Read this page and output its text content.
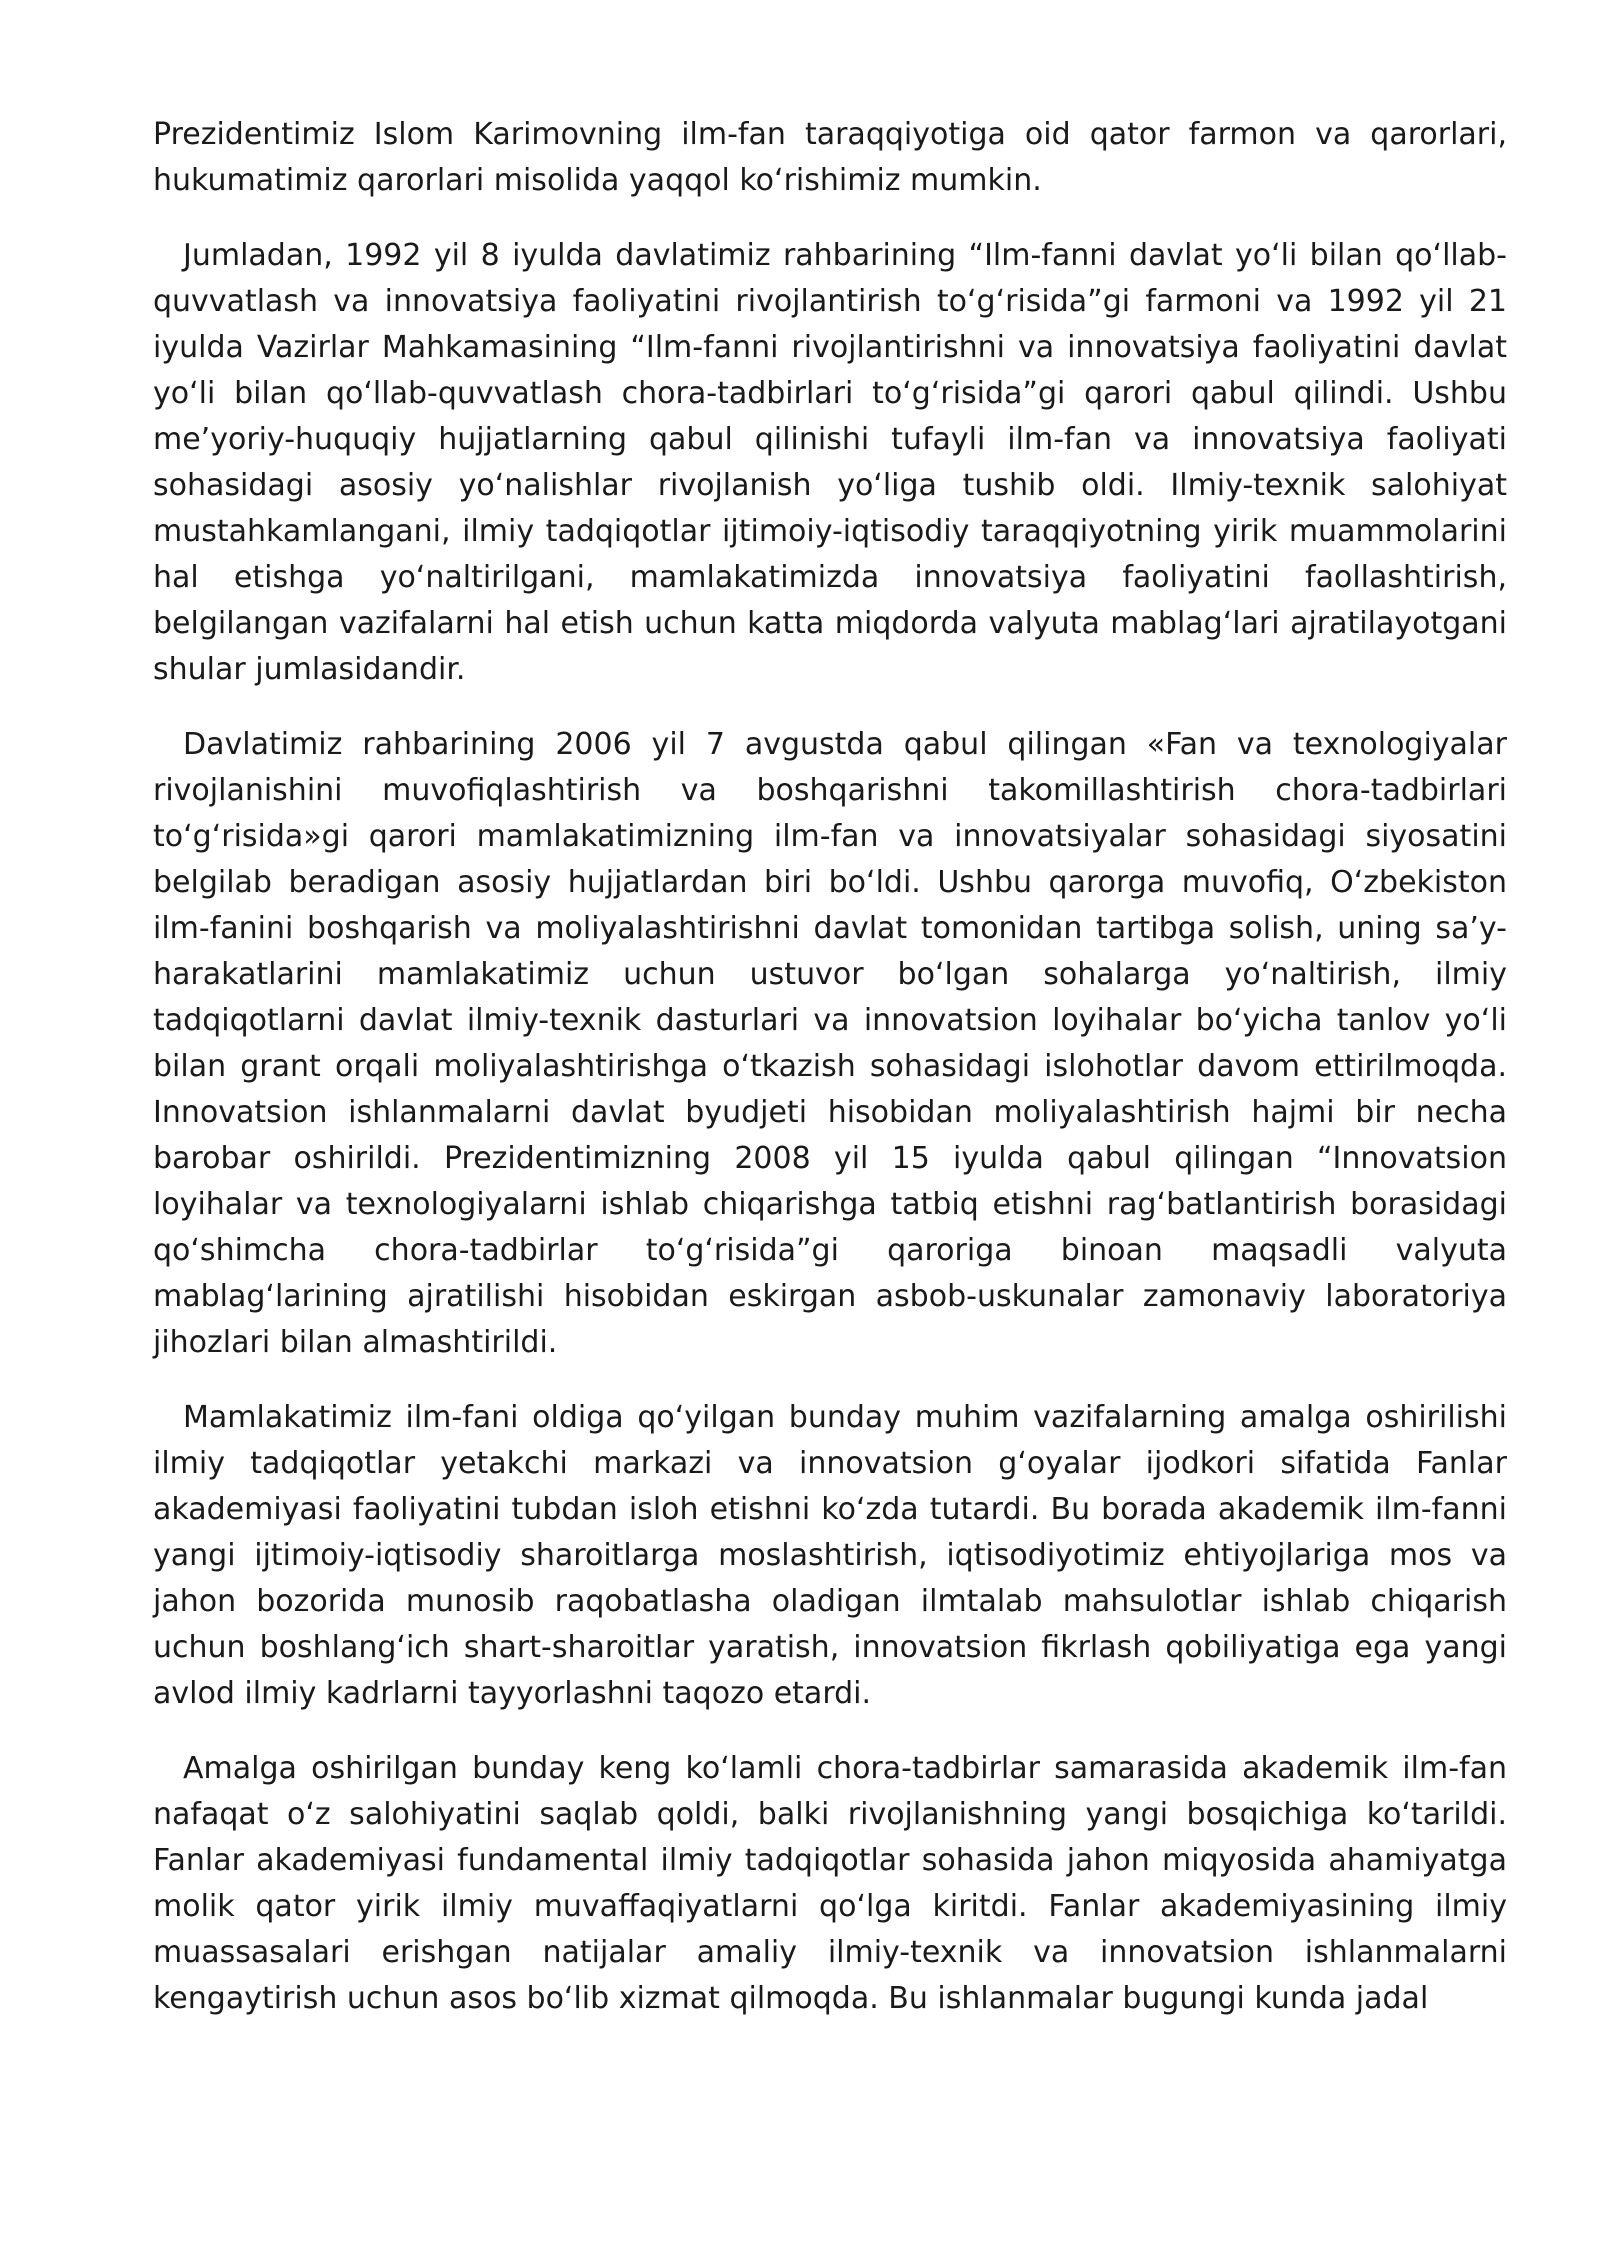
Prezidentimiz Islom Karimovning ilm-fan taraqqiyotiga oid qator farmon va qarorlari, hukumatimiz qarorlari misolida yaqqol koʻrishimiz mumkin.

Jumladan, 1992 yil 8 iyulda davlatimiz rahbarining “Ilm-fanni davlat yoʻli bilan qoʻllab-quvvatlash va innovatsiya faoliyatini rivojlantirish toʻgʻrisida”gi farmoni va 1992 yil 21 iyulda Vazirlar Mahkamasining “Ilm-fanni rivojlantirishni va innovatsiya faoliyatini davlat yoʻli bilan qoʻllab-quvvatlash chora-tadbirlari toʻgʻrisida”gi qarori qabul qilindi. Ushbu me’yoriy-huquqiy hujjatlarning qabul qilinishi tufayli ilm-fan va innovatsiya faoliyati sohasidagi asosiy yoʻnalishlar rivojlanish yoʻliga tushib oldi. Ilmiy-texnik salohiyat mustahkamlangani, ilmiy tadqiqotlar ijtimoiy-iqtisodiy taraqqiyotning yirik muammolarini hal etishga yoʻnaltirilgani, mamlakatimizda innovatsiya faoliyatini faollashtirish, belgilangan vazifalarni hal etish uchun katta miqdorda valyuta mablagʻlari ajratilayotgani shular jumlasidandir.

Davlatimiz rahbarining 2006 yil 7 avgustda qabul qilingan «Fan va texnologiyalar rivojlanishini muvofiqlashtirish va boshqarishni takomillashtirish chora-tadbirlari toʻgʻrisida»gi qarori mamlakatimizning ilm-fan va innovatsiyalar sohasidagi siyosatini belgilab beradigan asosiy hujjatlardan biri boʻldi. Ushbu qarorga muvofiq, Oʻzbekiston ilm-fanini boshqarish va moliyalashtirishni davlat tomonidan tartibga solish, uning sa’y-harakatlarini mamlakatimiz uchun ustuvor boʻlgan sohalarga yoʻnaltirish, ilmiy tadqiqotlarni davlat ilmiy-texnik dasturlari va innovatsion loyihalar boʻyicha tanlov yoʻli bilan grant orqali moliyalashtirishga oʻtkazish sohasidagi islohotlar davom ettirilmoqda. Innovatsion ishlanmalarni davlat byudjeti hisobidan moliyalashtirish hajmi bir necha barobar oshirildi. Prezidentimizning 2008 yil 15 iyulda qabul qilingan “Innovatsion loyihalar va texnologiyalarni ishlab chiqarishga tatbiq etishni ragʻbatlantirish borasidagi qoʻshimcha chora-tadbirlar toʻgʻrisida”gi qaroriga binoan maqsadli valyuta mablagʻlarining ajratilishi hisobidan eskirgan asbob-uskunalar zamonaviy laboratoriya jihozlari bilan almashtirildi.

Mamlakatimiz ilm-fani oldiga qoʻyilgan bunday muhim vazifalarning amalga oshirilishi ilmiy tadqiqotlar yetakchi markazi va innovatsion gʻoyalar ijodkori sifatida Fanlar akademiyasi faoliyatini tubdan isloh etishni koʻzda tutardi. Bu borada akademik ilm-fanni yangi ijtimoiy-iqtisodiy sharoitlarga moslashtirish, iqtisodiyotimiz ehtiyojlariga mos va jahon bozorida munosib raqobatlasha oladigan ilmtalab mahsulotlar ishlab chiqarish uchun boshlangʻich shart-sharoitlar yaratish, innovatsion fikrlash qobiliyatiga ega yangi avlod ilmiy kadrlarni tayyorlashni taqozo etardi.

Amalga oshirilgan bunday keng koʻlamli chora-tadbirlar samarasida akademik ilm-fan nafaqat oʻz salohiyatini saqlab qoldi, balki rivojlanishning yangi bosqichiga koʻtarildi. Fanlar akademiyasi fundamental ilmiy tadqiqotlar sohasida jahon miqyosida ahamiyatga molik qator yirik ilmiy muvaffaqiyatlarni qoʻlga kiritdi. Fanlar akademiyasining ilmiy muassasalari erishgan natijalar amaliy ilmiy-texnik va innovatsion ishlanmalarni kengaytirish uchun asos boʻlib xizmat qilmoqda. Bu ishlanmalar bugungi kunda jadal
